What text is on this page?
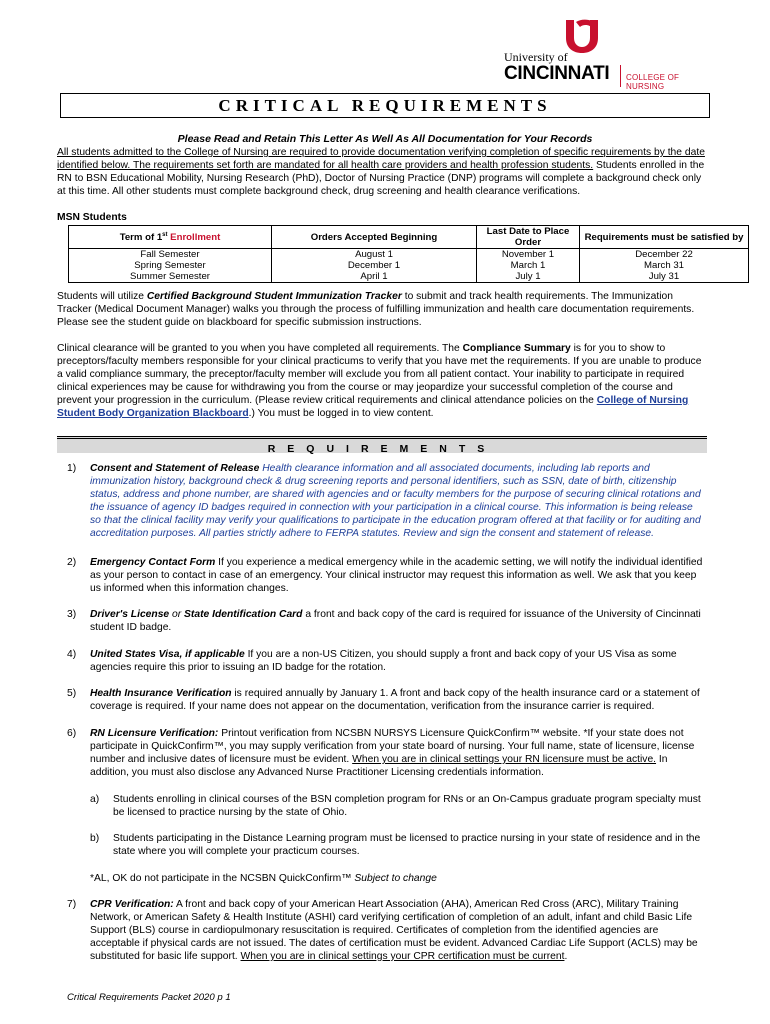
University of
CINCINNATI COLLEGE OF NURSING
CRITICAL REQUIREMENTS
Please Read and Retain This Letter As Well As All Documentation for Your Records
All students admitted to the College of Nursing are required to provide documentation verifying completion of specific requirements by the date identified below. The requirements set forth are mandated for all health care providers and health profession students. Students enrolled in the RN to BSN Educational Mobility, Nursing Research (PhD), Doctor of Nursing Practice (DNP) programs will complete a background check only at this time. All other students must complete background check, drug screening and health clearance verifications.
MSN Students
Term of 1st Enrollment	Orders Accepted Beginning	Last Date to Place Order	Requirements must be satisfied by
Fall Semester	August 1	November 1	December 22
Spring Semester	December 1	March 1	March 31
Summer Semester	April 1	July 1	July 31
Students will utilize Certified Background Student Immunization Tracker to submit and track health requirements. The Immunization Tracker (Medical Document Manager) walks you through the process of fulfilling immunization and health care documentation requirements. Please see the student guide on blackboard for specific submission instructions.
Clinical clearance will be granted to you when you have completed all requirements. The Compliance Summary is for you to show to preceptors/faculty members responsible for your clinical practicums to verify that you have met the requirements. If you are unable to produce a valid compliance summary, the preceptor/faculty member will exclude you from all patient contact. Your inability to participate in required clinical experiences may be cause for withdrawing you from the course or may jeopardize your successful completion of the course and prevent your progression in the curriculum. (Please review critical requirements and clinical attendance policies on the College of Nursing Student Body Organization Blackboard.) You must be logged in to view content.
REQUIREMENTS
1) Consent and Statement of Release Health clearance information and all associated documents, including lab reports and immunization history, background check & drug screening reports and personal identifiers, such as SSN, date of birth, citizenship status, address and phone number, are shared with agencies and or faculty members for the purpose of securing clinical rotations and the issuance of agency ID badges required in connection with your participation in a clinical course. This information is being release so that the clinical facility may verify your qualifications to participate in the education program offered at that facility or for auditing and accreditation purposes. All parties strictly adhere to FERPA statutes. Review and sign the consent and statement of release.
2) Emergency Contact Form If you experience a medical emergency while in the academic setting, we will notify the individual identified as your person to contact in case of an emergency. Your clinical instructor may request this information as well. We ask that you keep us informed when this information changes.
3) Driver's License or State Identification Card a front and back copy of the card is required for issuance of the University of Cincinnati student ID badge.
4) United States Visa, if applicable If you are a non-US Citizen, you should supply a front and back copy of your US Visa as some agencies require this prior to issuing an ID badge for the rotation.
5) Health Insurance Verification is required annually by January 1. A front and back copy of the health insurance card or a statement of coverage is required. If your name does not appear on the documentation, verification from the insurance carrier is required.
6) RN Licensure Verification: Printout verification from NCSBN NURSYS Licensure QuickConfirm™ website. *If your state does not participate in QuickConfirm™, you may supply verification from your state board of nursing. Your full name, state of licensure, license number and inclusive dates of licensure must be evident. When you are in clinical settings your RN licensure must be active. In addition, you must also disclose any Advanced Nurse Practitioner Licensing credentials information.
a) Students enrolling in clinical courses of the BSN completion program for RNs or an On-Campus graduate program specialty must be licensed to practice nursing by the state of Ohio.
b) Students participating in the Distance Learning program must be licensed to practice nursing in your state of residence and in the state where you will complete your practicum courses.
*AL, OK do not participate in the NCSBN QuickConfirm™ Subject to change
7) CPR Verification: A front and back copy of your American Heart Association (AHA), American Red Cross (ARC), Military Training Network, or American Safety & Health Institute (ASHI) card verifying certification of completion of an adult, infant and child Basic Life Support (BLS) course in cardiopulmonary resuscitation is required. Certificates of completion from the identified agencies are acceptable if physical cards are not issued. The dates of certification must be evident. Advanced Cardiac Life Support (ACLS) may be substituted for basic life support. When you are in clinical settings your CPR certification must be current.
Critical Requirements Packet 2020 p 1
